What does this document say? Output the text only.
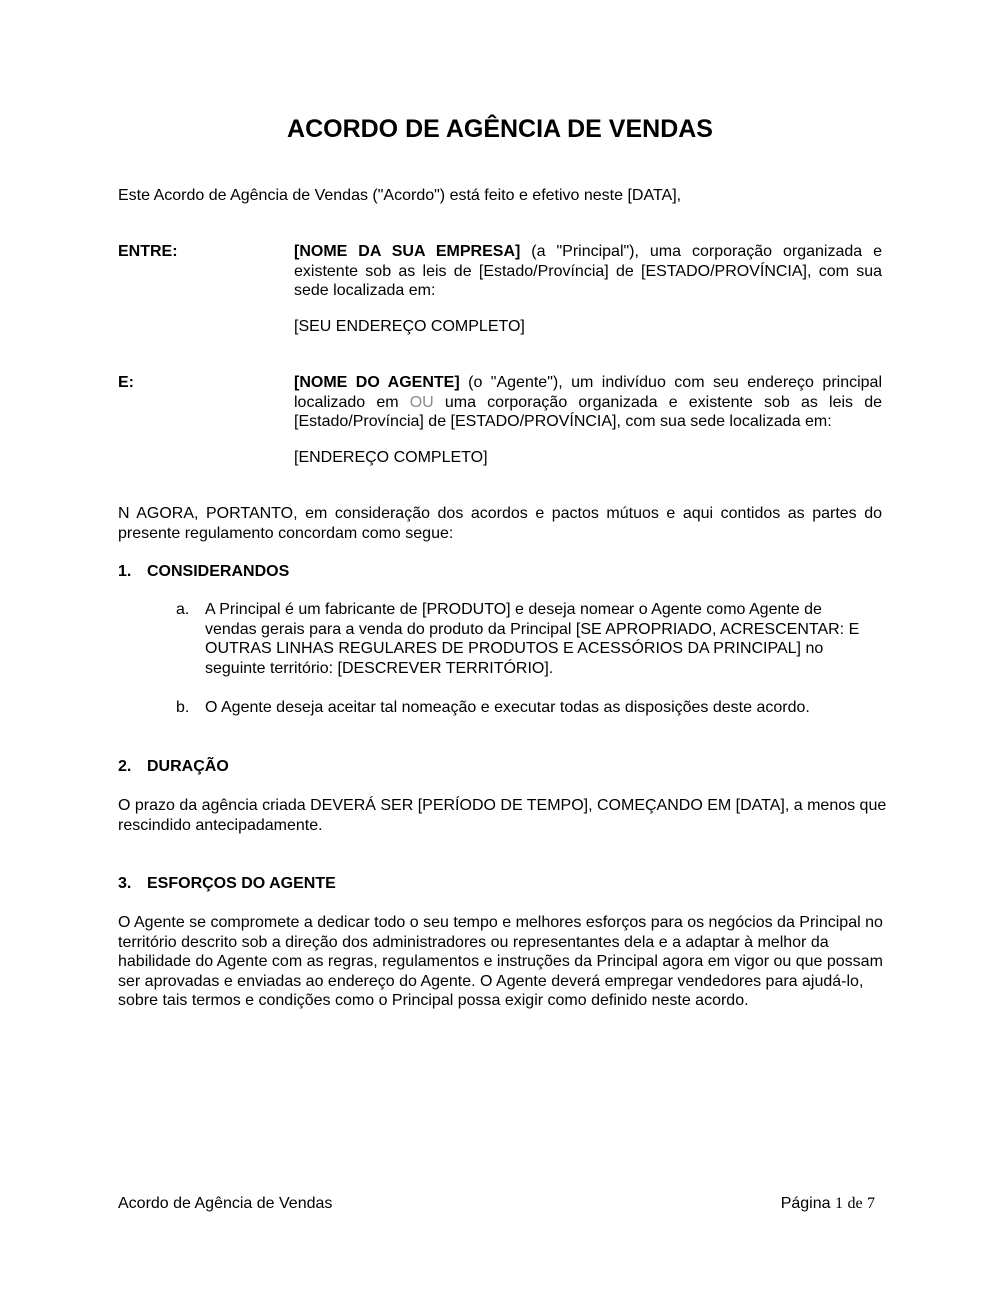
ACORDO DE AGÊNCIA DE VENDAS
Este Acordo de Agência de Vendas ("Acordo") está feito e efetivo neste [DATA],
ENTRE:	[NOME DA SUA EMPRESA] (a "Principal"), uma corporação organizada e existente sob as leis de [Estado/Província] de [ESTADO/PROVÍNCIA], com sua sede localizada em:
[SEU ENDEREÇO COMPLETO]
E:	[NOME DO AGENTE] (o "Agente"), um indivíduo com seu endereço principal localizado em OU uma corporação organizada e existente sob as leis de [Estado/Província] de [ESTADO/PROVÍNCIA], com sua sede localizada em:
[ENDEREÇO COMPLETO]
N AGORA, PORTANTO, em consideração dos acordos e pactos mútuos e aqui contidos as partes do presente regulamento concordam como segue:
1. CONSIDERANDOS
a. A Principal é um fabricante de [PRODUTO] e deseja nomear o Agente como Agente de vendas gerais para a venda do produto da Principal [SE APROPRIADO, ACRESCENTAR: E OUTRAS LINHAS REGULARES DE PRODUTOS E ACESSÓRIOS DA PRINCIPAL] no seguinte território: [DESCREVER TERRITÓRIO].
b. O Agente deseja aceitar tal nomeação e executar todas as disposições deste acordo.
2. DURAÇÃO
O prazo da agência criada DEVERÁ SER [PERÍODO DE TEMPO], COMEÇANDO EM [DATA], a menos que rescindido antecipadamente.
3. ESFORÇOS DO AGENTE
O Agente se compromete a dedicar todo o seu tempo e melhores esforços para os negócios da Principal no território descrito sob a direção dos administradores ou representantes dela e a adaptar à melhor da habilidade do Agente com as regras, regulamentos e instruções da Principal agora em vigor ou que possam ser aprovadas e enviadas ao endereço do Agente. O Agente deverá empregar vendedores para ajudá-lo, sobre tais termos e condições como o Principal possa exigir como definido neste acordo.
Acordo de Agência de Vendas	Página 1 de 7
